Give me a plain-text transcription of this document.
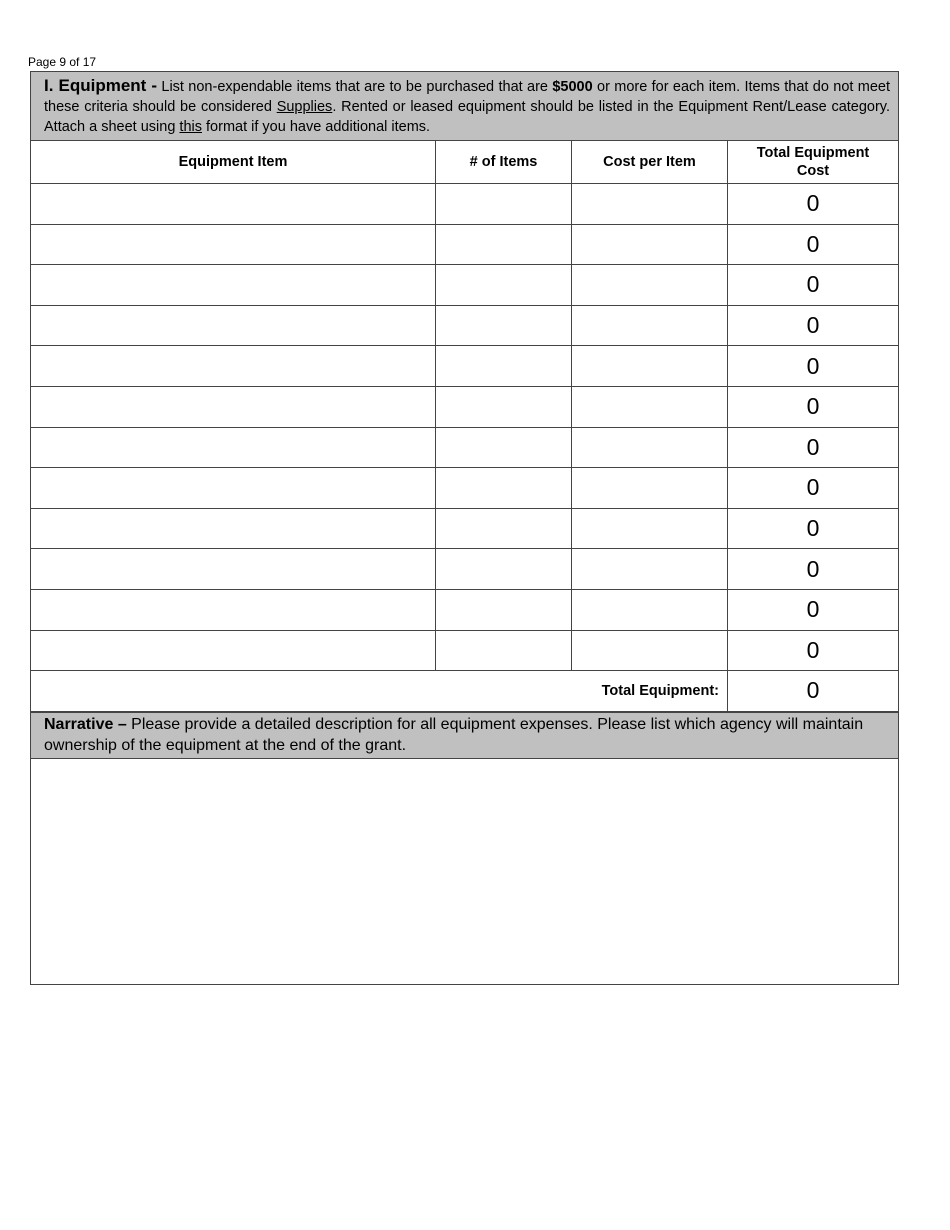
Page 9 of 17
I. Equipment - List non-expendable items that are to be purchased that are $5000 or more for each item. Items that do not meet these criteria should be considered Supplies. Rented or leased equipment should be listed in the Equipment Rent/Lease category. Attach a sheet using this format if you have additional items.			
Equipment Item	# of Items	Cost per Item	Total Equipment Cost
			0
			0
			0
			0
			0
			0
			0
			0
			0
			0
			0
			0
Total Equipment:			0
Narrative – Please provide a detailed description for all equipment expenses. Please list which agency will maintain ownership of the equipment at the end of the grant.			
